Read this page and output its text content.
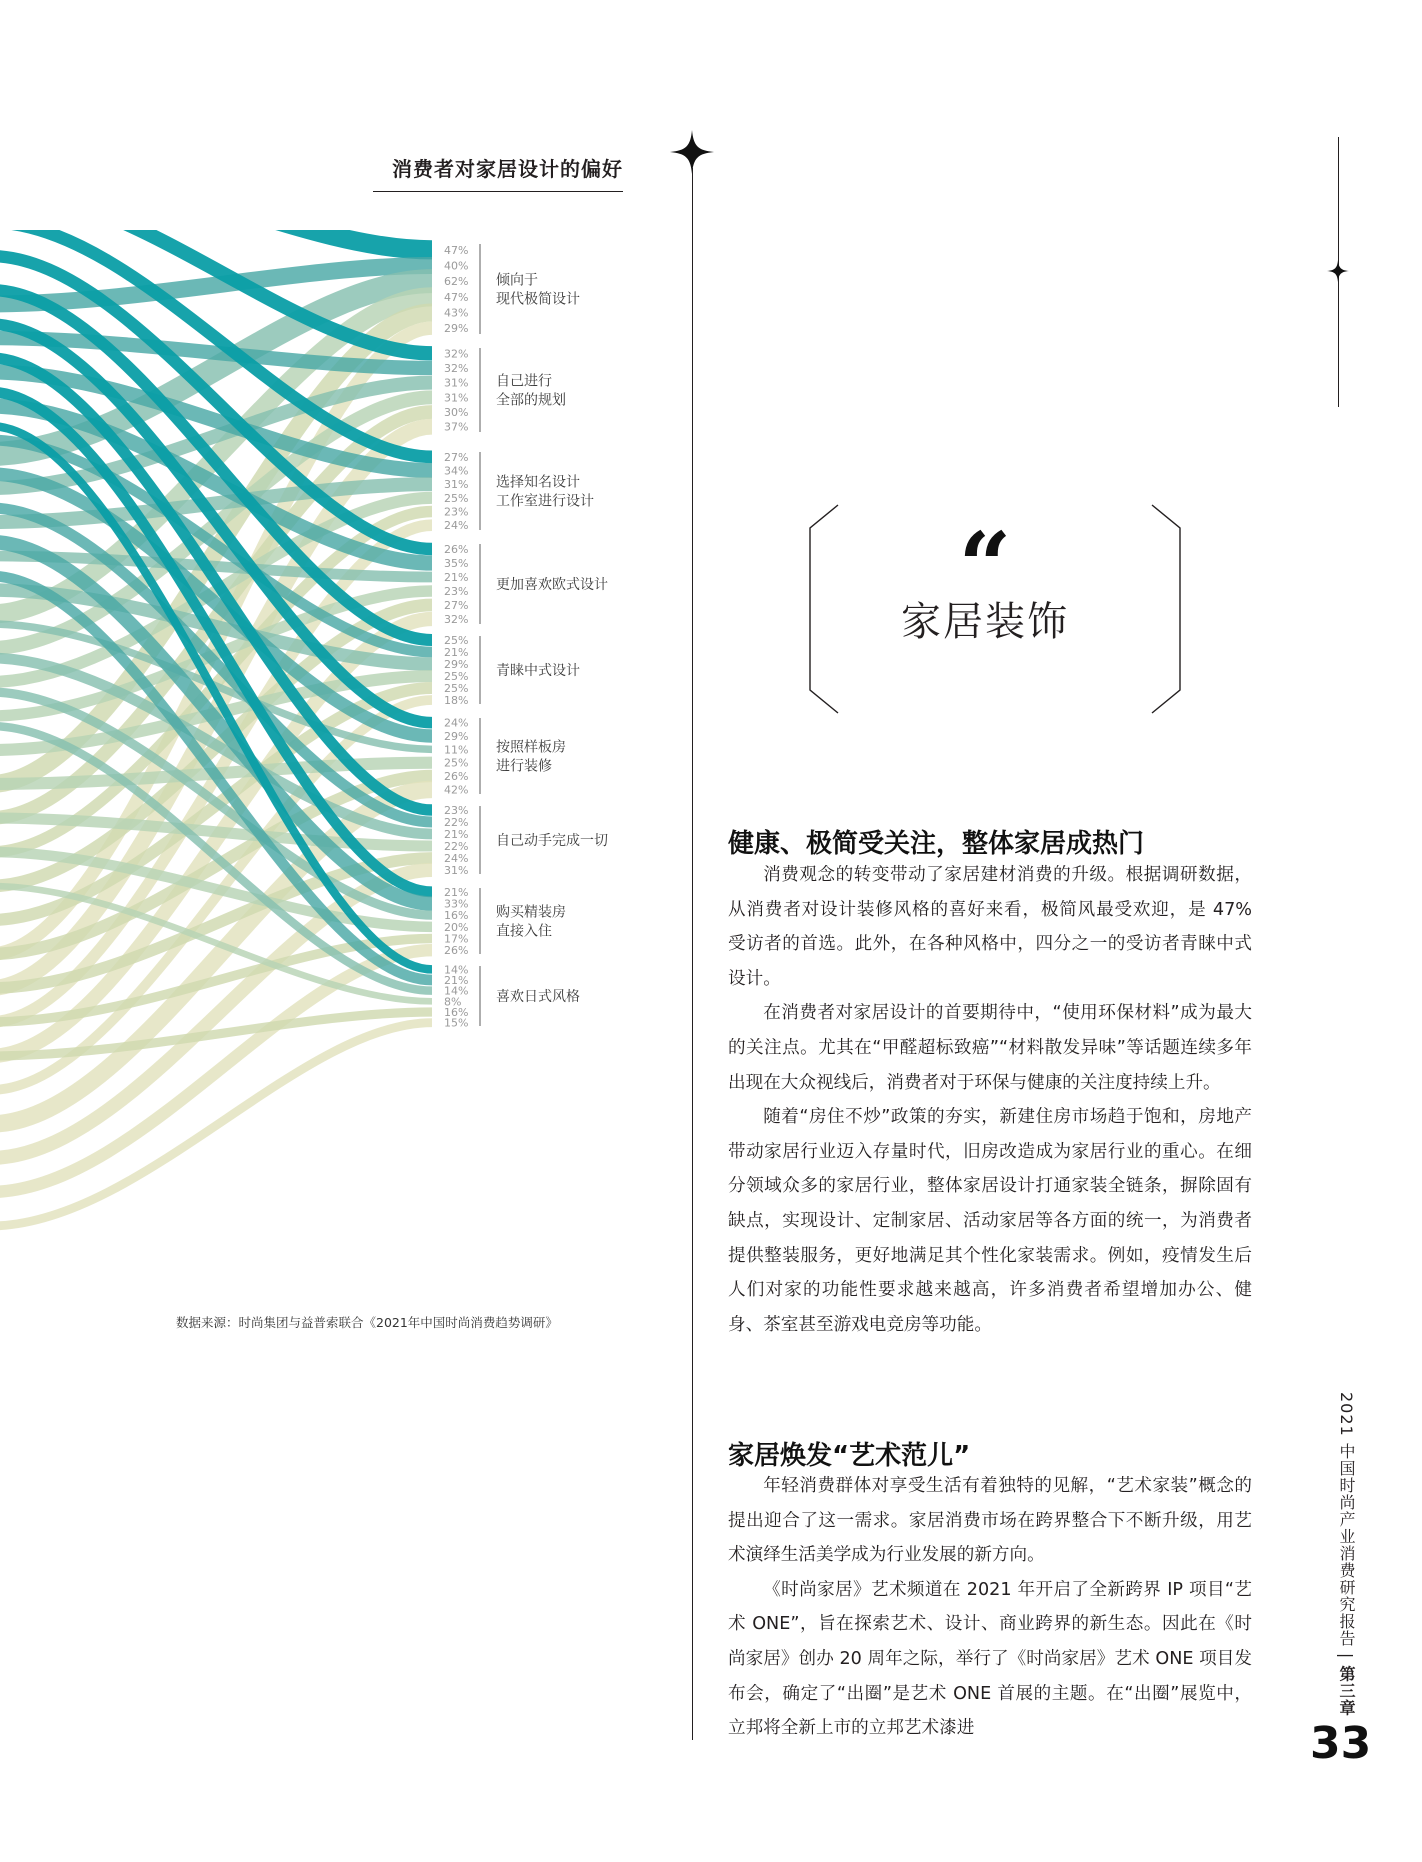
消费者对家居设计的偏好
47%
40%
62%
47%
43%
29%
32%
32%
31%
31%
30%
37%
27%
34%
31%
25%
23%
24%
26%
35%
21%
23%
27%
32%
25%
21%
29%
25%
25%
18%
24%
29%
11%
25%
26%
42%
23%
22%
21%
22%
24%
31%
21%
33%
16%
20%
17%
26%
14%
21%
14%
8%
16%
15%
倾向于现代极简设计
自己进行全部的规划
选择知名设计工作室进行设计
更加喜欢欧式设计
青睐中式设计
按照样板房进行装修
自己动手完成一切
购买精装房直接入住
喜欢日式风格
数据来源：时尚集团与益普索联合《2021年中国时尚消费趋势调研》
“
家居装饰
健康、极简受关注，整体家居成热门

消费观念的转变带动了家居建材消费的升级。根据调研数据，从消费者对设计装修风格的喜好来看，极简风最受欢迎，是 47% 受访者的首选。此外，在各种风格中，四分之一的受访者青睐中式设计。

在消费者对家居设计的首要期待中，“使用环保材料”成为最大的关注点。尤其在“甲醛超标致癌”“材料散发异味”等话题连续多年出现在大众视线后，消费者对于环保与健康的关注度持续上升。

随着“房住不炒”政策的夯实，新建住房市场趋于饱和，房地产带动家居行业迈入存量时代，旧房改造成为家居行业的重心。在细分领域众多的家居行业，整体家居设计打通家装全链条，摒除固有缺点，实现设计、定制家居、活动家居等各方面的统一，为消费者提供整装服务，更好地满足其个性化家装需求。例如，疫情发生后人们对家的功能性要求越来越高，许多消费者希望增加办公、健身、茶室甚至游戏电竞房等功能。

家居焕发“艺术范儿”

年轻消费群体对享受生活有着独特的见解，“艺术家装”概念的提出迎合了这一需求。家居消费市场在跨界整合下不断升级，用艺术演绎生活美学成为行业发展的新方向。

《时尚家居》艺术频道在 2021 年开启了全新跨界 IP 项目“艺术 ONE”，旨在探索艺术、设计、商业跨界的新生态。因此在《时尚家居》创办 20 周年之际，举行了《时尚家居》艺术 ONE 项目发布会，确定了“出圈”是艺术 ONE 首展的主题。在“出圈”展览中，立邦将全新上市的立邦艺术漆进

2021 中国时尚产业消费研究报告 | 第三章
33
